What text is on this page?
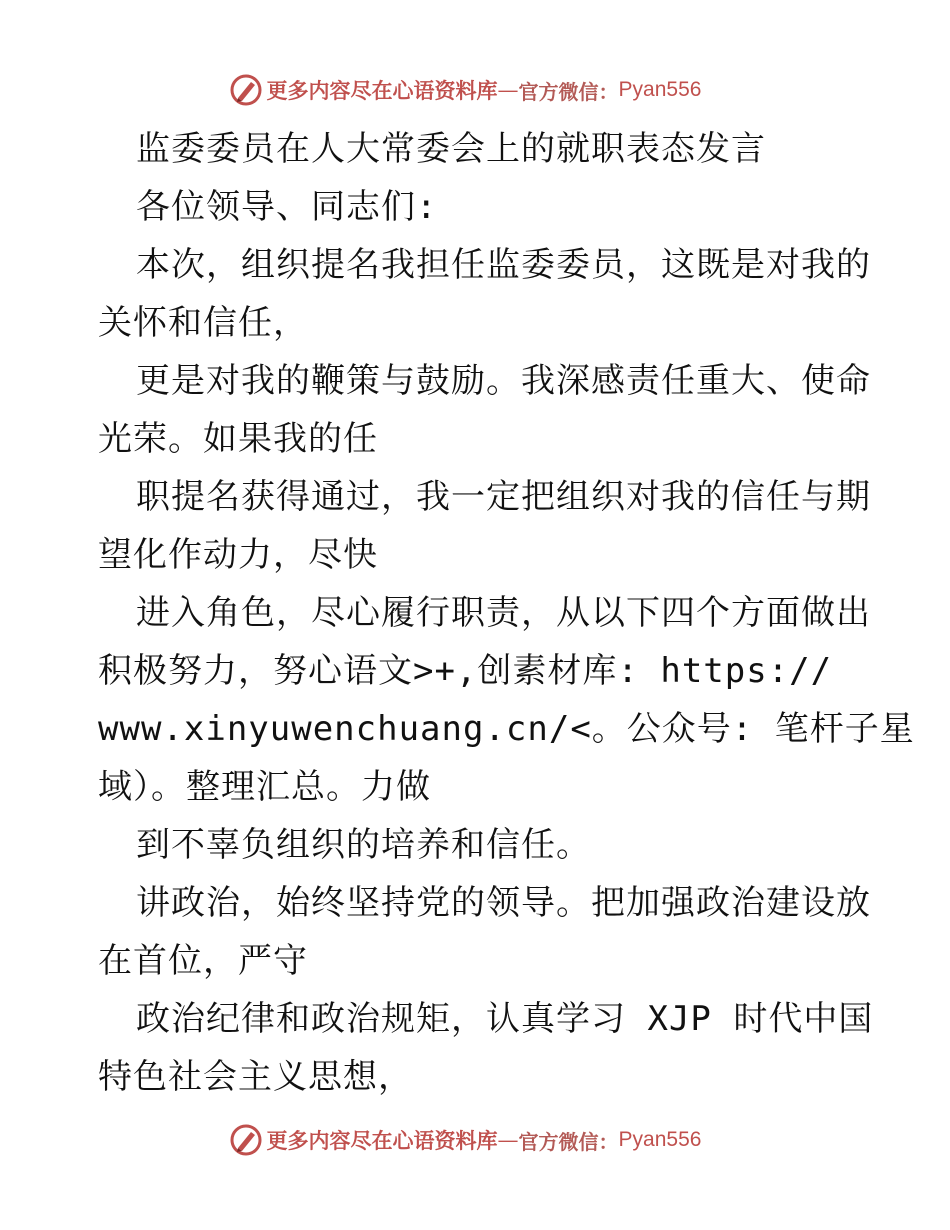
更多内容尽在心语资料库 — 官方微信： Pyan556
监委委员在人大常委会上的就职表态发言
各位领导、同志们:
本次，组织提名我担任监委委员，这既是对我的
关怀和信任，
更是对我的鞭策与鼓励。我深感责任重大、使命
光荣。如果我的任
职提名获得通过，我一定把组织对我的信任与期
望化作动力，尽快
进入角色，尽心履行职责，从以下四个方面做出
积极努力，努心语文>+,创素材库: https://
www.xinyuwenchuang.cn/<。公众号: 笔杆子星
域）。整理汇总。力做
到不辜负组织的培养和信任。
讲政治，始终坚持党的领导。把加强政治建设放
在首位，严守
政治纪律和政治规矩，认真学习 XJP 时代中国
特色社会主义思想，
更多内容尽在心语资料库 — 官方微信： Pyan556
